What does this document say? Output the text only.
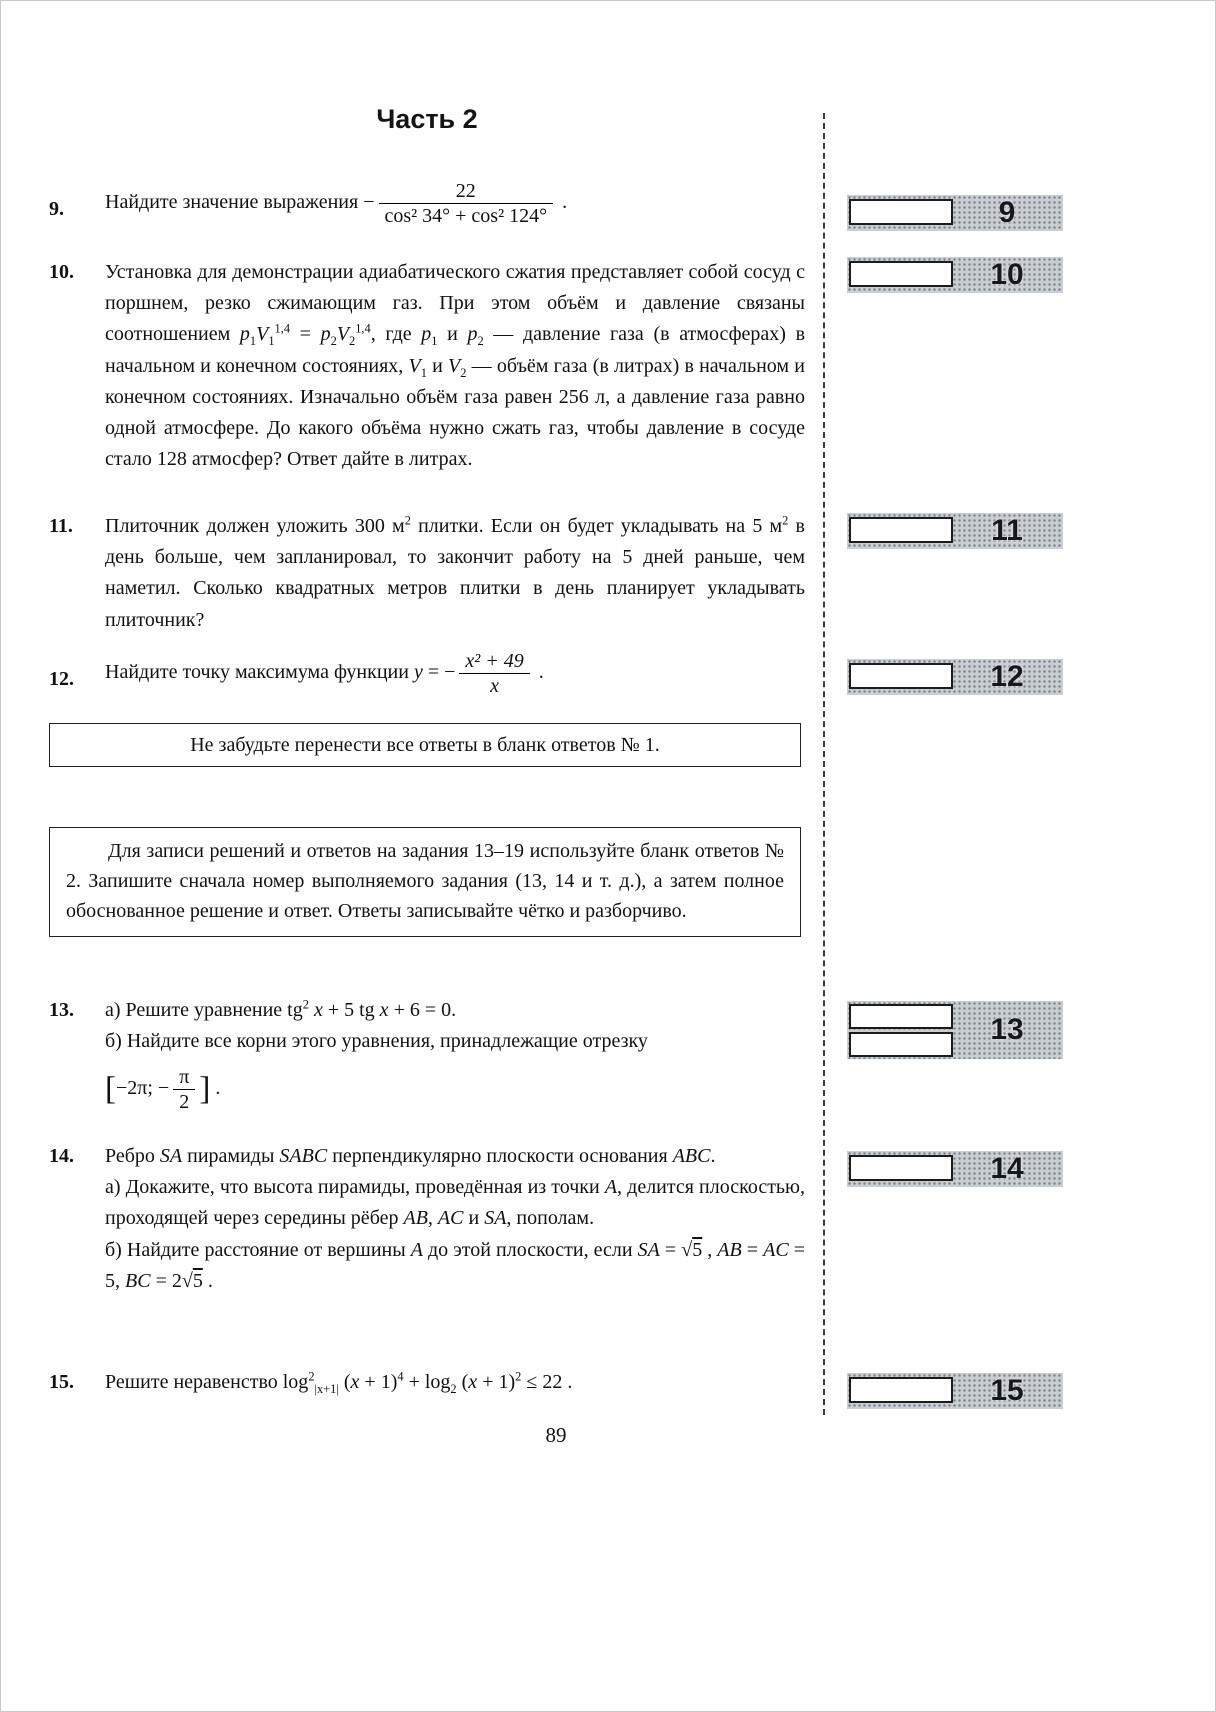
Часть 2
9.	Найдите значение выражения − $\frac{22}{\text{cos² 34° + cos² 124°}}$ .
10.	Установка для демонстрации адиабатического сжатия представляет собой сосуд с поршнем, резко сжимающим газ. При этом объём и давление связаны соотношением $p_1V_1^{1,4} = p_2V_2^{1,4}$, где $p_1$ и $p_2$ — давление газа (в атмосферах) в начальном и конечном состояниях, $V_1$ и $V_2$ — объём газа (в литрах) в начальном и конечном состояниях. Изначально объём газа равен 256 л, а давление газа равно одной атмосфере. До какого объёма нужно сжать газ, чтобы давление в сосуде стало 128 атмосфер? Ответ дайте в литрах.
11.	Плиточник должен уложить 300 $м^2$ плитки. Если он будет укладывать на 5 $м^2$ в день больше, чем запланировал, то закончит работу на 5 дней раньше, чем наметил. Сколько квадратных метров плитки в день планирует укладывать плиточник?
12.	Найдите точку максимума функции y = − $\frac{\text{x² + 49}}{x}$ .
Не забудьте перенести все ответы в бланк ответов № 1.
Для записи решений и ответов на задания 13–19 используйте бланк ответов № 2. Запишите сначала номер выполняемого задания (13, 14 и т. д.), а затем полное обоснованное решение и ответ. Ответы записывайте чётко и разборчиво.
13.	а) Решите уравнение $tg^2$ x + 5 tg x + 6 = 0.
б) Найдите все корни этого уравнения, принадлежащие отрезку
[−2π; − $\frac{\pi}{2}$ ] .
14.	Ребро SA пирамиды SABC перпендикулярно плоскости основания ABC.
а) Докажите, что высота пирамиды, проведённая из точки A, делится плоскостью, проходящей через середины рёбер AB, AC и SA, пополам.
б) Найдите расстояние от вершины A до этой плоскости, если SA = √5 , AB = AC = 5, BC = 2√5 .
15.	Решите неравенство $\log^2_{|x+1|} (x + 1)^4 + \log_2 (x + 1)^2 \le 22$ .
9
10
11
12
13
14
15
89
